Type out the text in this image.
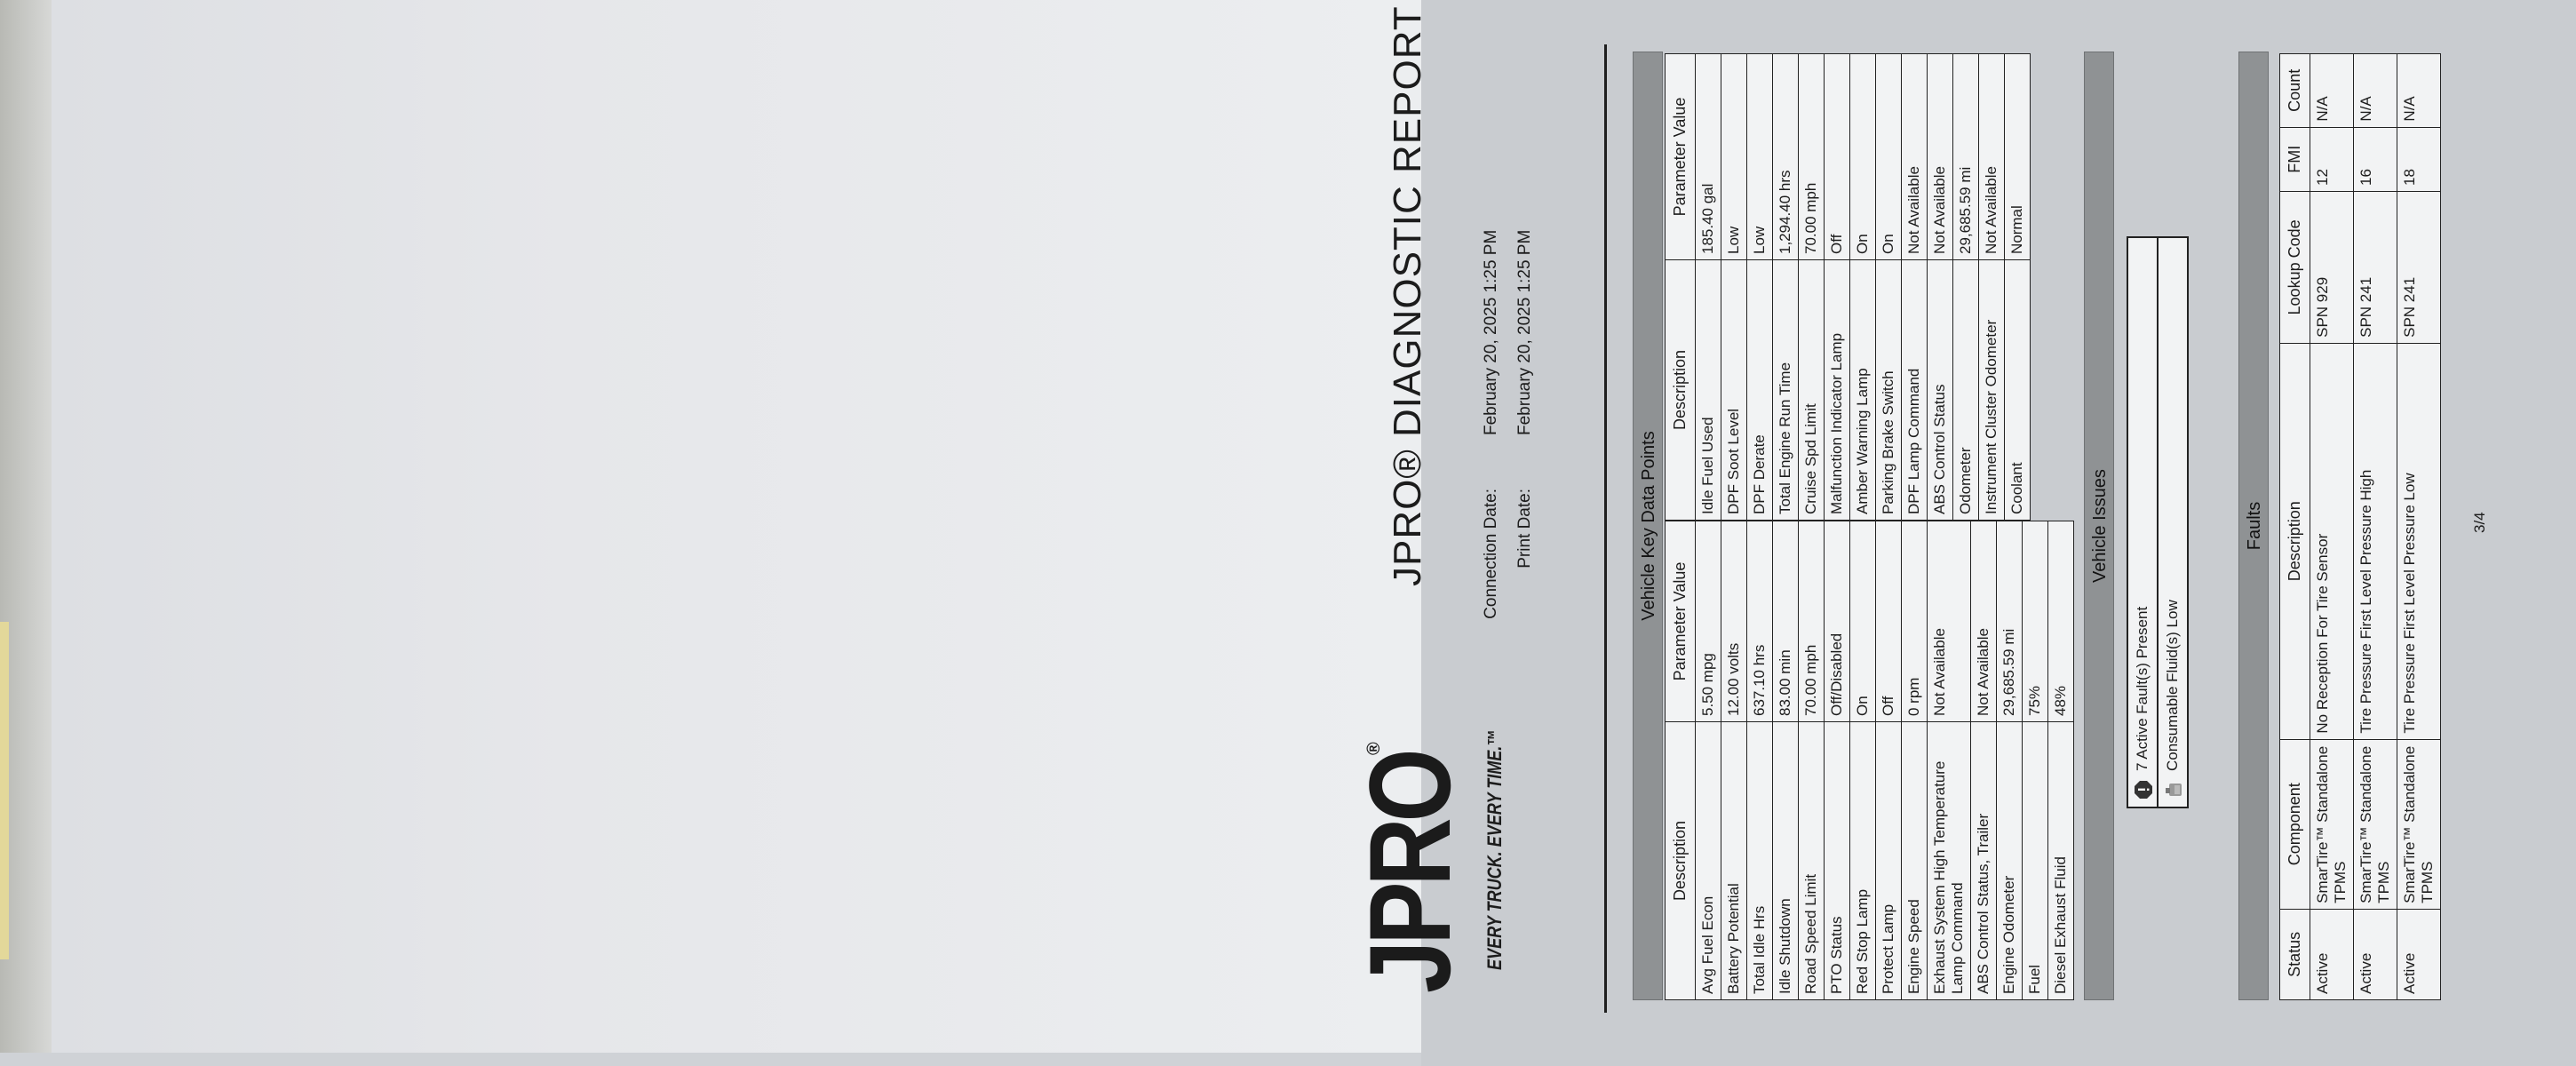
JPRO
®	EVERY TRUCK. EVERY TIME.™
JPRO® DIAGNOSTIC REPORT	Connection Date:February 20, 2025 1:25 PM
Print Date:February 20, 2025 1:25 PM
Vehicle Key Data Points
Description	Parameter Value
Avg Fuel Econ	5.50 mpg
Battery Potential	12.00 volts
Total Idle Hrs	637.10 hrs
Idle Shutdown	83.00 min
Road Speed Limit	70.00 mph
PTO Status	Off/Disabled
Red Stop Lamp	On
Protect Lamp	Off
Engine Speed	0 rpm
Exhaust System High Temperature Lamp Command	Not Available
ABS Control Status, Trailer	Not Available
Engine Odometer	29,685.59 mi
Fuel	75%
Diesel Exhaust Fluid	48%
Description	Parameter Value
Idle Fuel Used	185.40 gal
DPF Soot Level	Low
DPF Derate	Low
Total Engine Run Time	1,294.40 hrs
Cruise Spd Limit	70.00 mph
Malfunction Indicator Lamp	Off
Amber Warning Lamp	On
Parking Brake Switch	On
DPF Lamp Command	Not Available
ABS Control Status	Not Available
Odometer	29,685.59 mi
Instrument Cluster Odometer	Not Available
Coolant	Normal
Vehicle Issues
7 Active Fault(s) Present Consumable Fluid(s) Low
Faults
Status	Component	Description	Lookup Code	FMI	Count
Active	SmarTire™ Standalone TPMS	No Reception For Tire Sensor	SPN 929	12	N/A
Active	SmarTire™ Standalone TPMS	Tire Pressure First Level Pressure High	SPN 241	16	N/A
Active	SmarTire™ Standalone TPMS	Tire Pressure First Level Pressure Low	SPN 241	18	N/A
3/4
